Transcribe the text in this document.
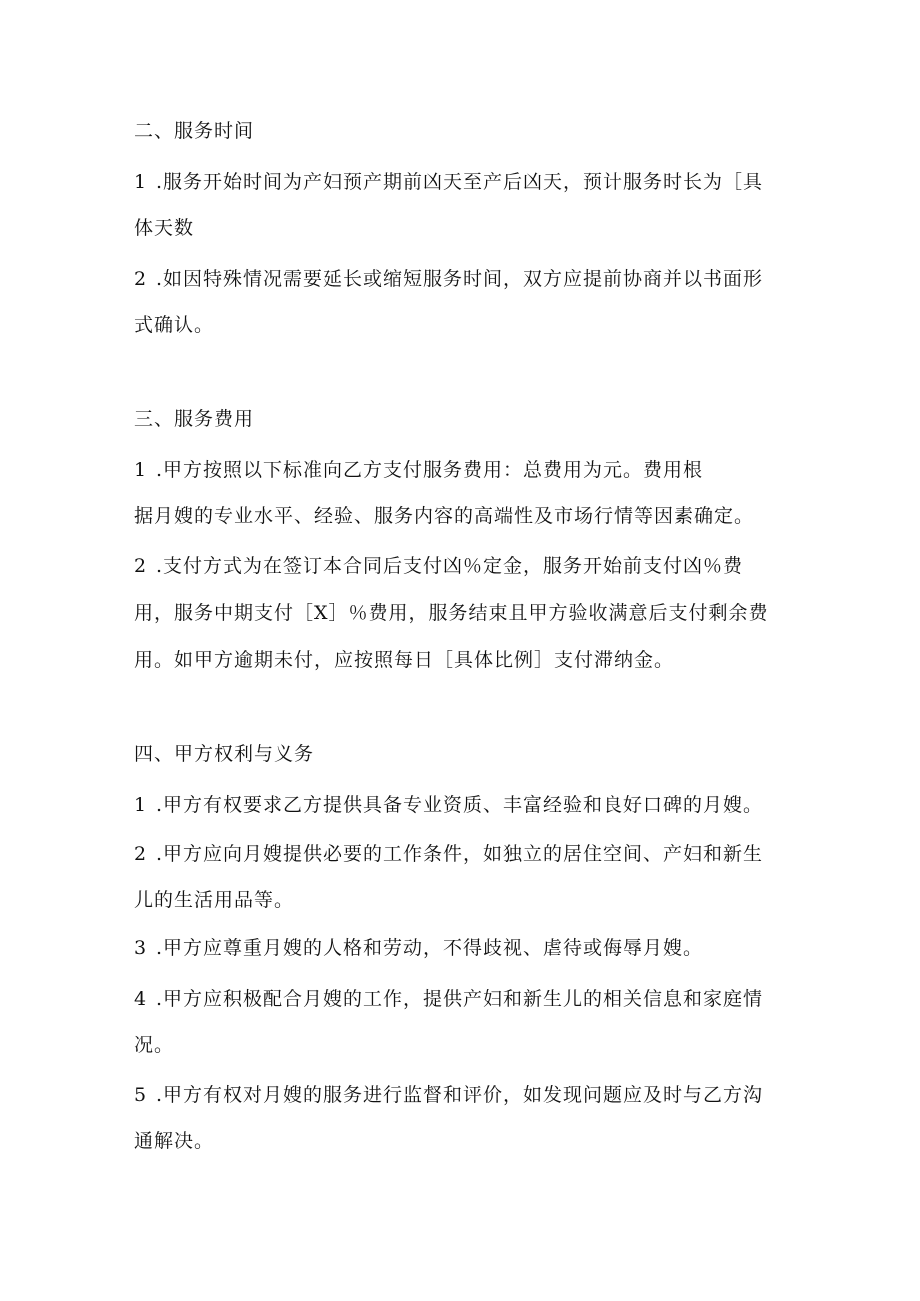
二、服务时间
1 .服务开始时间为产妇预产期前凶天至产后凶天，预计服务时长为［具
体天数
2 .如因特殊情况需要延长或缩短服务时间，双方应提前协商并以书面形
式确认。
三、服务费用
1 .甲方按照以下标准向乙方支付服务费用：总费用为元。费用根
据月嫂的专业水平、经验、服务内容的高端性及市场行情等因素确定。
2 .支付方式为在签订本合同后支付凶％定金，服务开始前支付凶％费
用，服务中期支付［X］％费用，服务结束且甲方验收满意后支付剩余费
用。如甲方逾期未付，应按照每日［具体比例］支付滞纳金。
四、甲方权利与义务
1 .甲方有权要求乙方提供具备专业资质、丰富经验和良好口碑的月嫂。
2 .甲方应向月嫂提供必要的工作条件，如独立的居住空间、产妇和新生
儿的生活用品等。
3 .甲方应尊重月嫂的人格和劳动，不得歧视、虐待或侮辱月嫂。
4 .甲方应积极配合月嫂的工作，提供产妇和新生儿的相关信息和家庭情
况。
5 .甲方有权对月嫂的服务进行监督和评价，如发现问题应及时与乙方沟
通解决。
